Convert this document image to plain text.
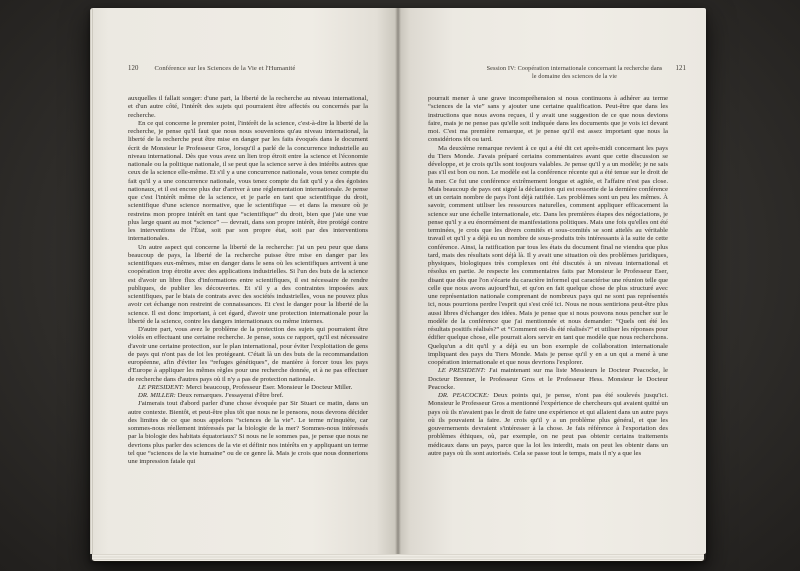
120 Conférence sur les Sciences de la Vie et l'Humanité

auxquelles il fallait songer: d'une part, la liberté de la recherche au niveau international, et d'un autre côté, l'intérêt des sujets qui pourraient être affectés ou concernés par la recherche.

En ce qui concerne le premier point, l'intérêt de la science, c'est-à-dire la liberté de la recherche, je pense qu'il faut que nous nous souvenions qu'au niveau international, la liberté de la recherche peut être mise en danger par les faits évoqués dans le document écrit de Monsieur le Professeur Gros, lorsqu'il a parlé de la concurrence industrielle au niveau international. Dès que vous avez un lien trop étroit entre la science et l'économie nationale ou la politique nationale, il se peut que la science serve à des intérêts autres que ceux de la science elle-même. Et s'il y a une concurrence nationale, vous tenez compte du fait qu'il y a une concurrence nationale, vous tenez compte du fait qu'il y a des égoïstes nationaux, et il est encore plus dur d'arriver à une réglementation internationale. Je pense que c'est l'intérêt même de la science, et je parle en tant que scientifique du droit, scientifique d'une science normative, que le scientifique — et dans la mesure où je restreins mon propre intérêt en tant que “scientifique” du droit, bien que j'aie une vue plus large quant au mot “science” — devrait, dans son propre intérêt, être protégé contre les interventions de l'État, soit par son propre état, soit par des interventions internationales.

Un autre aspect qui concerne la liberté de la recherche: j'ai un peu peur que dans beaucoup de pays, la liberté de la recherche puisse être mise en danger par les scientifiques eux-mêmes, mise en danger dans le sens où les scientifiques arrivent à une coopération trop étroite avec des applications industrielles. Si l'un des buts de la science est d'avoir un libre flux d'informations entre scientifiques, il est nécessaire de rendre publiques, de publier les découvertes. Et s'il y a des contraintes imposées aux scientifiques, par le biais de contrats avec des sociétés industrielles, vous ne pouvez plus avoir cet échange non restreint de connaissances. Et c'est le danger pour la liberté de la science. Il est donc important, à cet égard, d'avoir une protection internationale pour la liberté de la science, contre les dangers internationaux ou même internes.

D'autre part, vous avez le problème de la protection des sujets qui pourraient être violés en effectuant une certaine recherche. Je pense, sous ce rapport, qu'il est nécessaire d'avoir une certaine protection, sur le plan international, pour éviter l'exploitation de gens de pays qui n'ont pas de loi les protégeant. C'était là un des buts de la recommandation européenne, afin d'éviter les “refuges génétiques”, de manière à forcer tous les pays d'Europe à appliquer les mêmes règles pour une recherche donnée, et à ne pas effectuer de recherche dans d'autres pays où il n'y a pas de protection nationale.

LE PRESIDENT: Merci beaucoup, Professeur Eser. Monsieur le Docteur Miller.

DR. MILLER: Deux remarques. J'essayerai d'être bref.

J'aimerais tout d'abord parler d'une chose évoquée par Sir Stuart ce matin, dans un autre contexte. Bientôt, et peut-être plus tôt que nous ne le pensons, nous devrons décider des limites de ce que nous appelons “sciences de la vie”. Le terme m'inquiète, car sommes-nous réellement intéressés par la biologie de la mer? Sommes-nous intéressés par la biologie des habitats équatoriaux? Si nous ne le sommes pas, je pense que nous ne devrions plus parler des sciences de la vie et définir nos intérêts en y appliquant un terme tel que “sciences de la vie humaine” ou de ce genre là. Mais je crois que nous donnerions une impression fatale qui

Session IV: Coopération internationale concernant la recherche dans le domaine des sciences de la vie
121

pourrait mener à une grave incompréhension si nous continuons à adhérer au terme “sciences de la vie” sans y ajouter une certaine qualification. Peut-être que dans les instructions que nous avons reçues, il y avait une suggestion de ce que nous devions faire, mais je ne pense pas qu'elle soit indiquée dans les documents que je vois ici devant moi. C'est ma première remarque, et je pense qu'il est assez important que nous la considérions tôt ou tard.

Ma deuxième remarque revient à ce qui a été dit cet après-midi concernant les pays du Tiers Monde. J'avais préparé certains commentaires avant que cette discussion se développe, et je crois qu'ils sont toujours valables. Je pense qu'il y a un modèle; je ne sais pas s'il est bon ou non. Le modèle est la conférence récente qui a été tenue sur le droit de la mer. Ce fut une conférence extrêmement longue et agitée, et l'affaire n'est pas close. Mais beaucoup de pays ont signé la déclaration qui est ressortie de la dernière conférence et un certain nombre de pays l'ont déjà ratifiée. Les problèmes sont un peu les mêmes. À savoir, comment utiliser les ressources naturelles, comment appliquer efficacement la science sur une échelle internationale, etc. Dans les premières étapes des négociations, je pense qu'il y a eu énormément de manifestations politiques. Mais une fois qu'elles ont été terminées, je crois que les divers comités et sous-comités se sont attelés au véritable travail et qu'il y a déjà eu un nombre de sous-produits très intéressants à la suite de cette conférence. Ainsi, la ratification par tous les états du document final ne viendra que plus tard, mais des résultats sont déjà là. Il y avait une situation où des problèmes juridiques, physiques, biologiques très complexes ont été discutés à un niveau international et résolus en partie. Je respecte les commentaires faits par Monsieur le Professeur Eser, disant que dès que l'on s'écarte du caractère informel qui caractérise une réunion telle que celle que nous avons aujourd'hui, et qu'on en fait quelque chose de plus structuré avec une représentation nationale comprenant de nombreux pays qui ne sont pas représentés ici, nous pourrions perdre l'esprit qui s'est créé ici. Nous ne nous sentirions peut-être plus aussi libres d'échanger des idées. Mais je pense que si nous pouvons nous pencher sur le modèle de la conférence que j'ai mentionnée et nous demander: “Quels ont été les résultats positifs réalisés?” et “Comment ont-ils été réalisés?” et utiliser les réponses pour édifier quelque chose, elle pourrait alors servir en tant que modèle que nous recherchons. Quelqu'un a dit qu'il y a déjà eu un bon exemple de collaboration internationale impliquant des pays du Tiers Monde. Mais je pense qu'il y en a un qui a mené à une coopération internationale et que nous devrions l'explorer.

LE PRESIDENT: J'ai maintenant sur ma liste Messieurs le Docteur Peacocke, le Docteur Brenner, le Professeur Gros et le Professeur Hess. Monsieur le Docteur Peacocke.

DR. PEACOCKE: Deux points qui, je pense, n'ont pas été soulevés jusqu'ici. Monsieur le Professeur Gros a mentionné l'expérience de chercheurs qui avaient quitté un pays où ils n'avaient pas le droit de faire une expérience et qui allaient dans un autre pays où ils pouvaient la faire. Je crois qu'il y a un problème plus général, et que les gouvernements devraient s'intéresser à la chose. Je fais référence à l'exportation des problèmes éthiques, où, par exemple, on ne peut pas obtenir certains traitements médicaux dans un pays, parce que la loi les interdit, mais on peut les obtenir dans un autre pays où ils sont autorisés. Cela se passe tout le temps, mais il n'y a que les
